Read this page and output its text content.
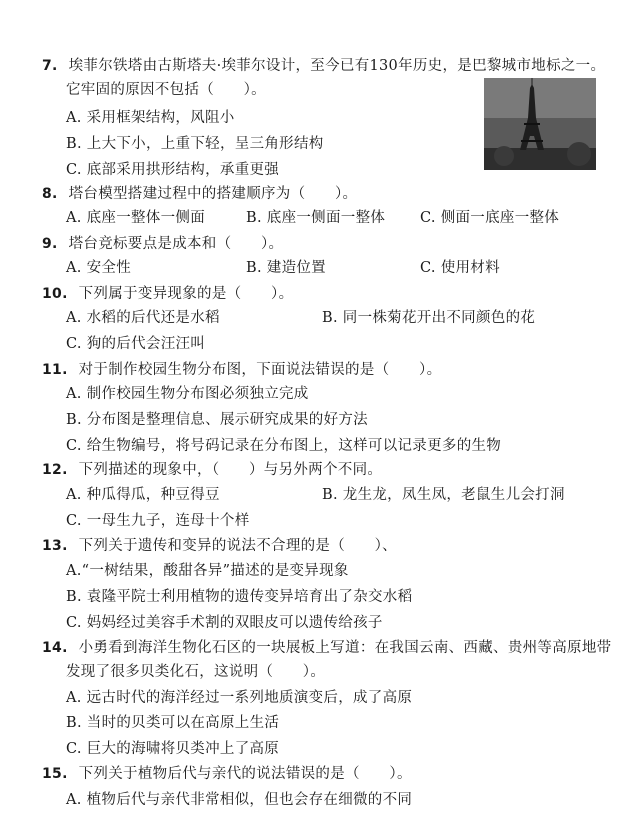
7. 埃菲尔铁塔由古斯塔夫·埃菲尔设计，至今已有130年历史，是巴黎城市地标之一。
它牢固的原因不包括（　　）。
A. 采用框架结构，风阻小
B. 上大下小，上重下轻，呈三角形结构
C. 底部采用拱形结构，承重更强
8. 塔台模型搭建过程中的搭建顺序为（　　）。
A. 底座一整体一侧面	B. 底座一侧面一整体 C. 侧面一底座一整体
9. 塔台竞标要点是成本和（　　）。
A. 安全性	B. 建造位置	C. 使用材料
10. 下列属于变异现象的是（　　）。
A. 水稻的后代还是水稻	B. 同一株菊花开出不同颜色的花
C. 狗的后代会汪汪叫
11. 对于制作校园生物分布图，下面说法错误的是（　　）。
A. 制作校园生物分布图必须独立完成
B. 分布图是整理信息、展示研究成果的好方法
C. 给生物编号，将号码记录在分布图上，这样可以记录更多的生物
12. 下列描述的现象中，（　　）与另外两个不同。
A. 种瓜得瓜，种豆得豆	B. 龙生龙，凤生凤，老鼠生儿会打洞
C. 一母生九子，连母十个样
13. 下列关于遗传和变异的说法不合理的是（　　）、
A.“一树结果，酸甜各异”描述的是变异现象
B. 袁隆平院士利用植物的遗传变异培育出了杂交水稻
C. 妈妈经过美容手术割的双眼皮可以遗传给孩子
14. 小勇看到海洋生物化石区的一块展板上写道：在我国云南、西藏、贵州等高原地带
发现了很多贝类化石，这说明（　　）。
A. 远古时代的海洋经过一系列地质演变后，成了高原
B. 当时的贝类可以在高原上生活
C. 巨大的海啸将贝类冲上了高原
15. 下列关于植物后代与亲代的说法错误的是（　　）。
A. 植物后代与亲代非常相似，但也会存在细微的不同
